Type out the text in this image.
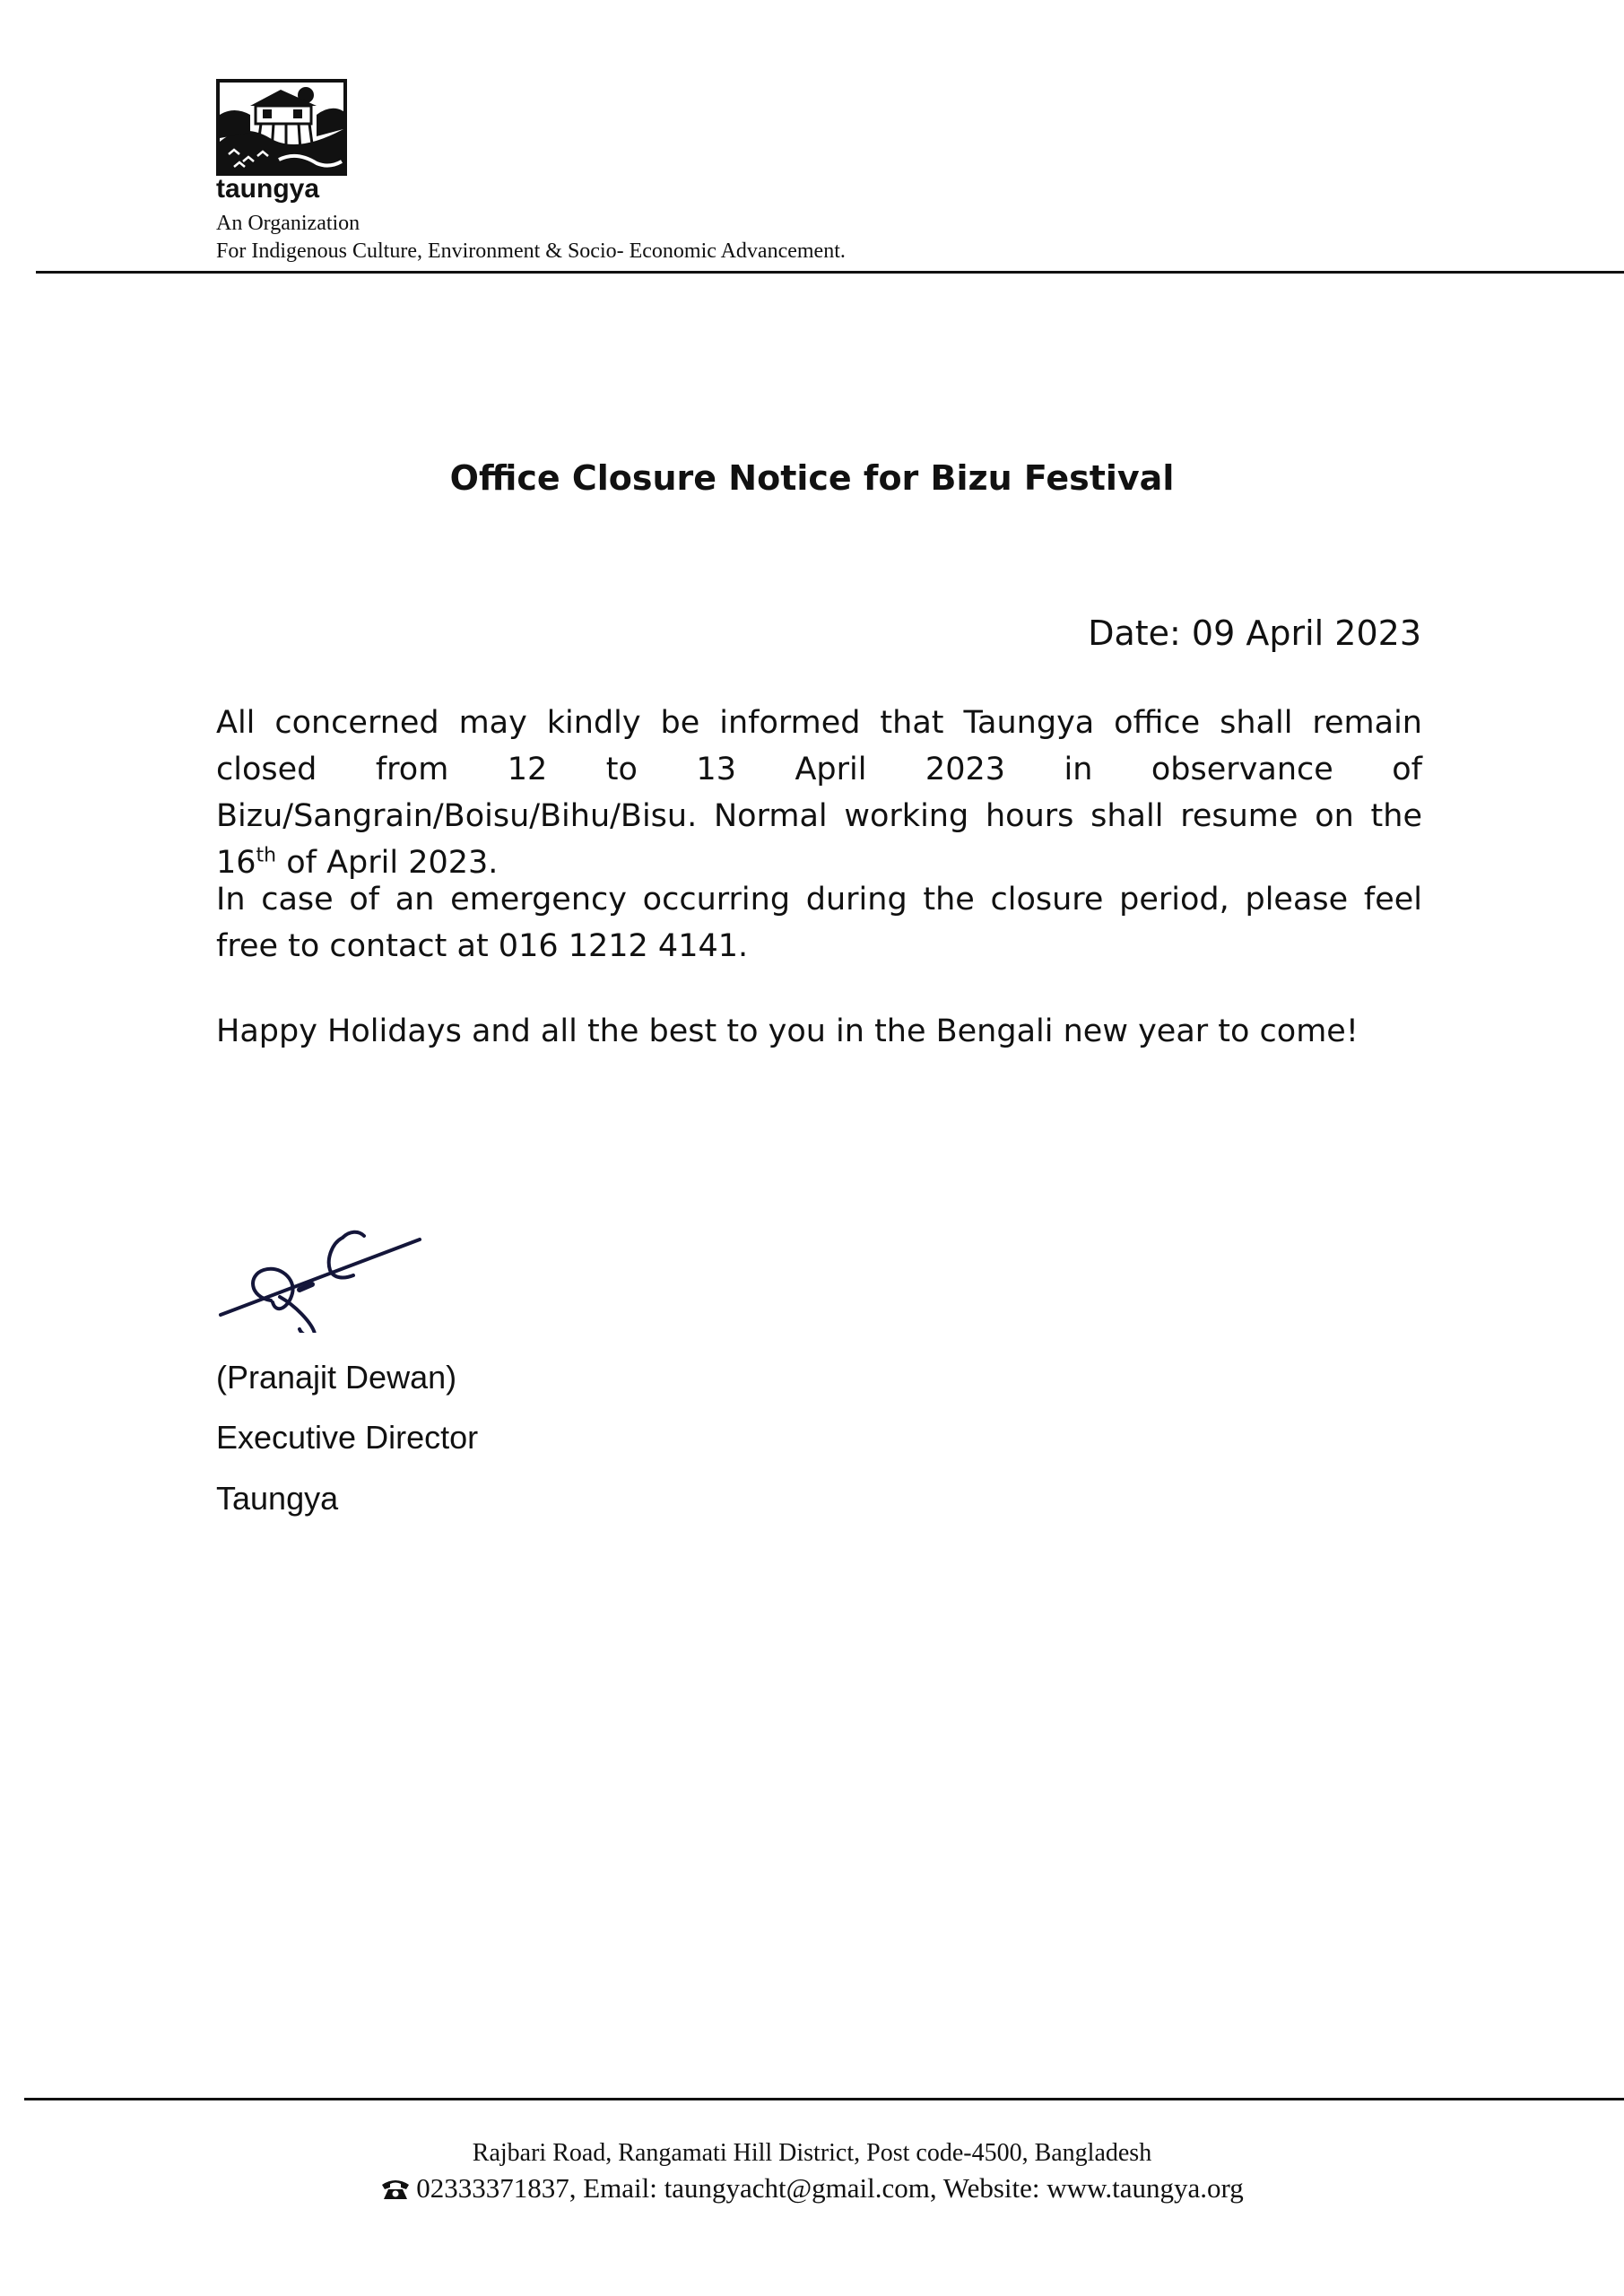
taungya
An Organization
For Indigenous Culture, Environment & Socio- Economic Advancement.
Office Closure Notice for Bizu Festival
Date: 09 April 2023

All concerned may kindly be informed that Taungya office shall remain closed from 12 to 13 April 2023 in observance of Bizu/Sangrain/Boisu/Bihu/Bisu. Normal working hours shall resume on the 16th of April 2023.

In case of an emergency occurring during the closure period, please feel free to contact at 016 1212 4141.

Happy Holidays and all the best to you in the Bengali new year to come!

(Pranajit Dewan)
Executive Director
Taungya
Rajbari Road, Rangamati Hill District, Post code-4500, Bangladesh
02333371837, Email: taungyacht@gmail.com, Website: www.taungya.org
